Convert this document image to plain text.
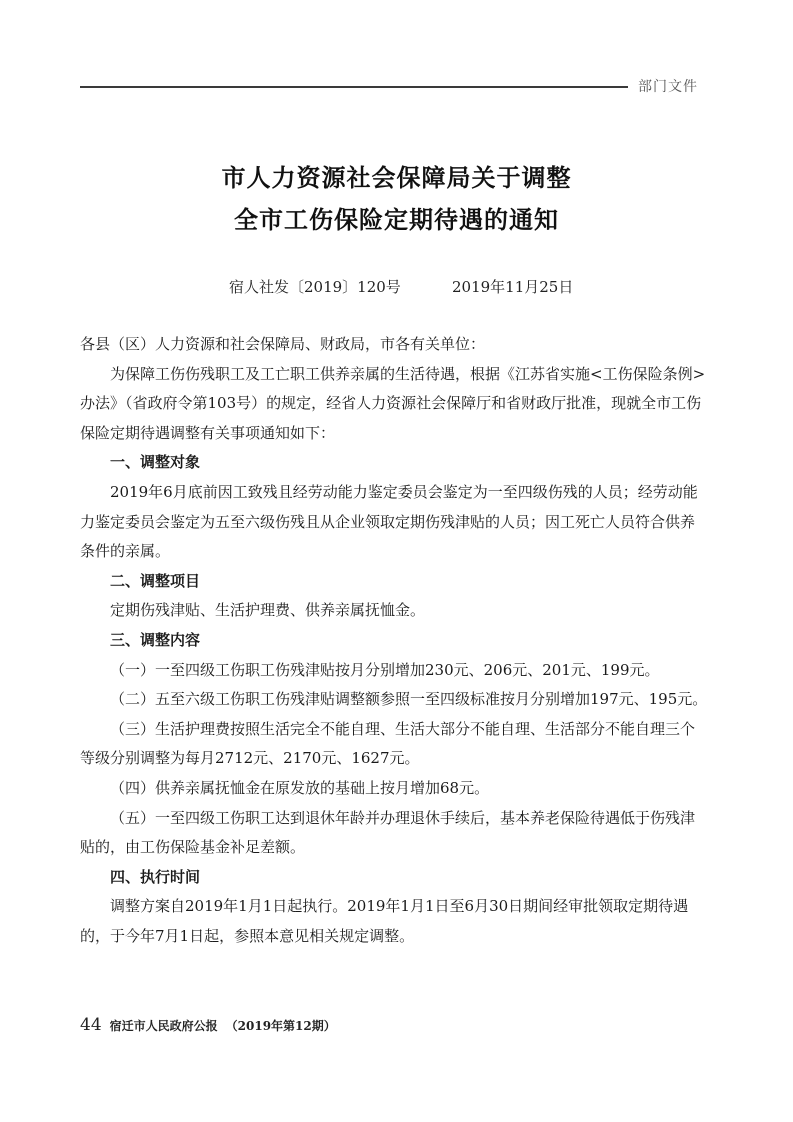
部门文件
市人力资源社会保障局关于调整
全市工伤保险定期待遇的通知
宿人社发〔2019〕120号	2019年11月25日

各县（区）人力资源和社会保障局、财政局，市各有关单位：

为保障工伤伤残职工及工亡职工供养亲属的生活待遇，根据《江苏省实施<工伤保险条例>办法》（省政府令第103号）的规定，经省人力资源社会保障厅和省财政厅批准，现就全市工伤保险定期待遇调整有关事项通知如下：

一、调整对象

2019年6月底前因工致残且经劳动能力鉴定委员会鉴定为一至四级伤残的人员；经劳动能力鉴定委员会鉴定为五至六级伤残且从企业领取定期伤残津贴的人员；因工死亡人员符合供养条件的亲属。

二、调整项目

定期伤残津贴、生活护理费、供养亲属抚恤金。

三、调整内容

（一）一至四级工伤职工伤残津贴按月分别增加230元、206元、201元、199元。

（二）五至六级工伤职工伤残津贴调整额参照一至四级标准按月分别增加197元、195元。

（三）生活护理费按照生活完全不能自理、生活大部分不能自理、生活部分不能自理三个等级分别调整为每月2712元、2170元、1627元。

（四）供养亲属抚恤金在原发放的基础上按月增加68元。

（五）一至四级工伤职工达到退休年龄并办理退休手续后，基本养老保险待遇低于伤残津贴的，由工伤保险基金补足差额。

四、执行时间

调整方案自2019年1月1日起执行。2019年1月1日至6月30日期间经审批领取定期待遇的，于今年7月1日起，参照本意见相关规定调整。

44 宿迁市人民政府公报 （2019年第12期）
